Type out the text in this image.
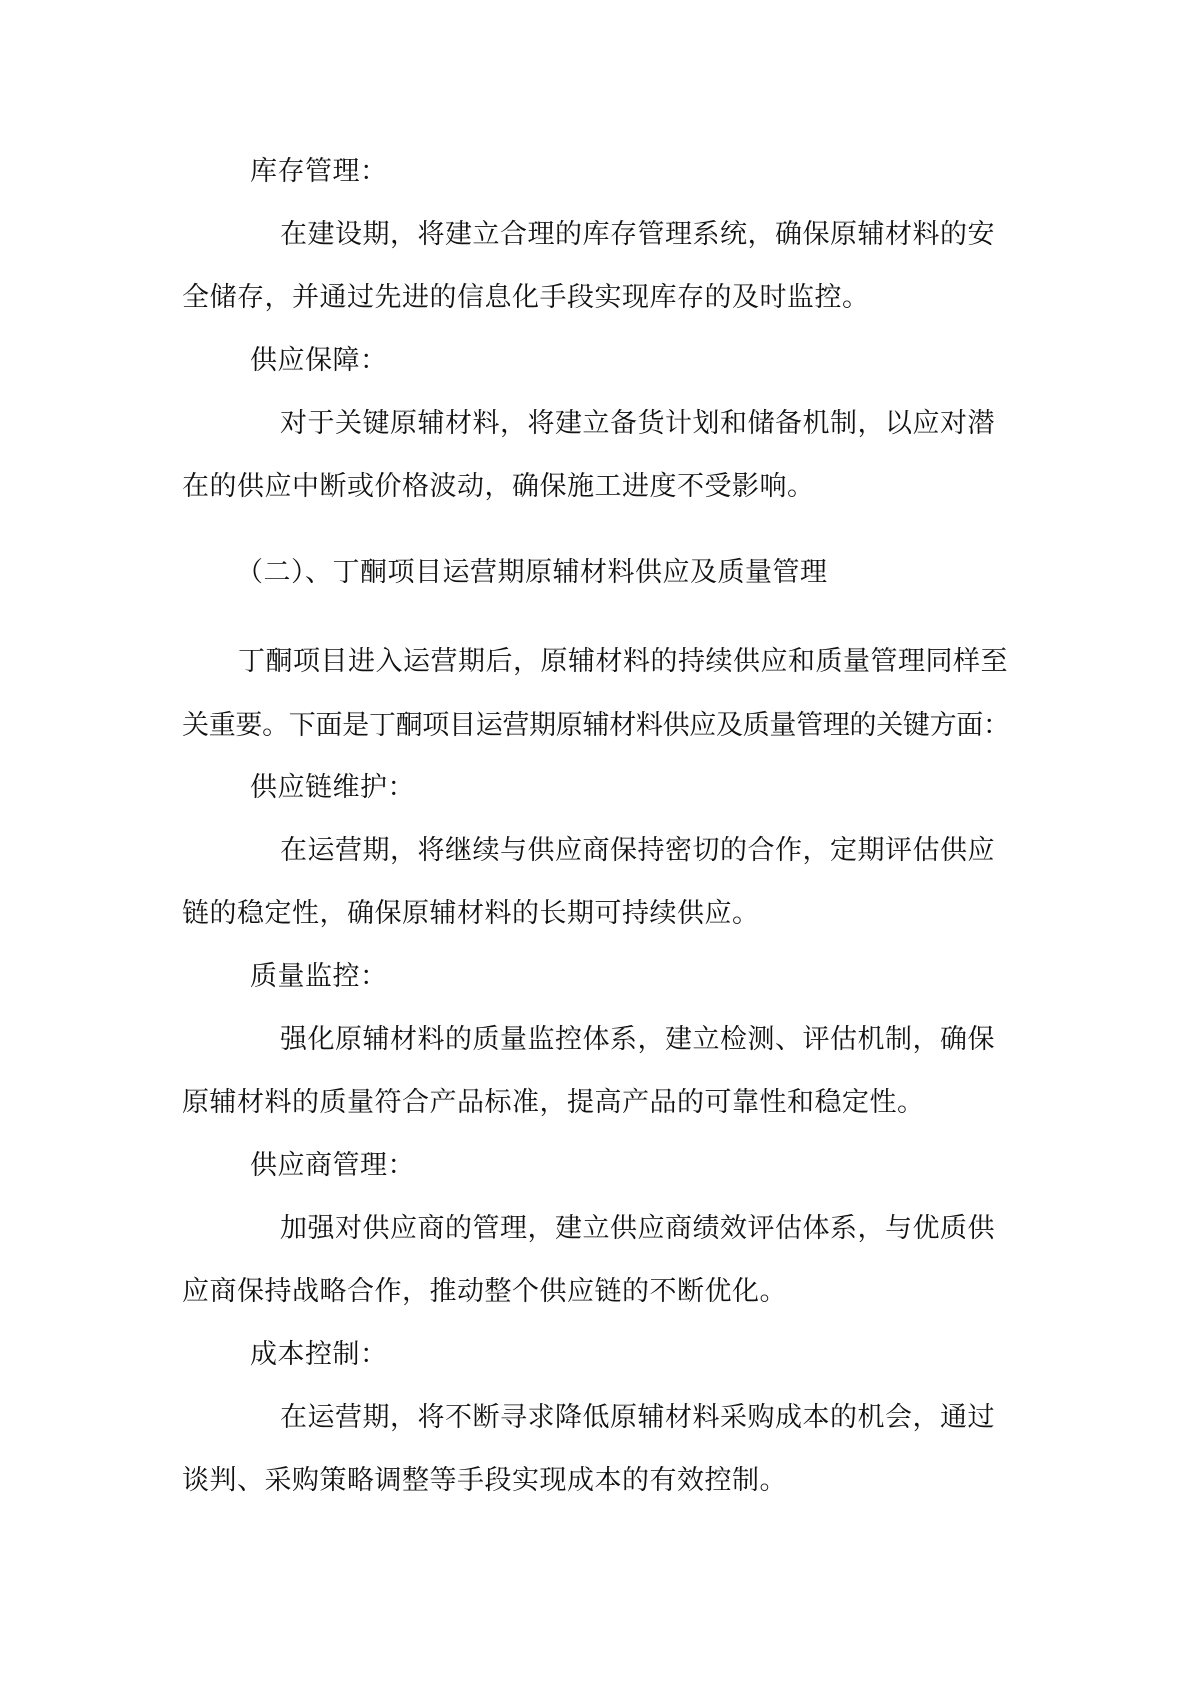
库存管理：
在建设期，将建立合理的库存管理系统，确保原辅材料的安
全储存，并通过先进的信息化手段实现库存的及时监控。
供应保障：
对于关键原辅材料，将建立备货计划和储备机制，以应对潜
在的供应中断或价格波动，确保施工进度不受影响。
（二）、丁酮项目运营期原辅材料供应及质量管理
丁酮项目进入运营期后，原辅材料的持续供应和质量管理同样至
关重要。下面是丁酮项目运营期原辅材料供应及质量管理的关键方面：
供应链维护：
在运营期，将继续与供应商保持密切的合作，定期评估供应
链的稳定性，确保原辅材料的长期可持续供应。
质量监控：
强化原辅材料的质量监控体系，建立检测、评估机制，确保
原辅材料的质量符合产品标准，提高产品的可靠性和稳定性。
供应商管理：
加强对供应商的管理，建立供应商绩效评估体系，与优质供
应商保持战略合作，推动整个供应链的不断优化。
成本控制：
在运营期，将不断寻求降低原辅材料采购成本的机会，通过
谈判、采购策略调整等手段实现成本的有效控制。
